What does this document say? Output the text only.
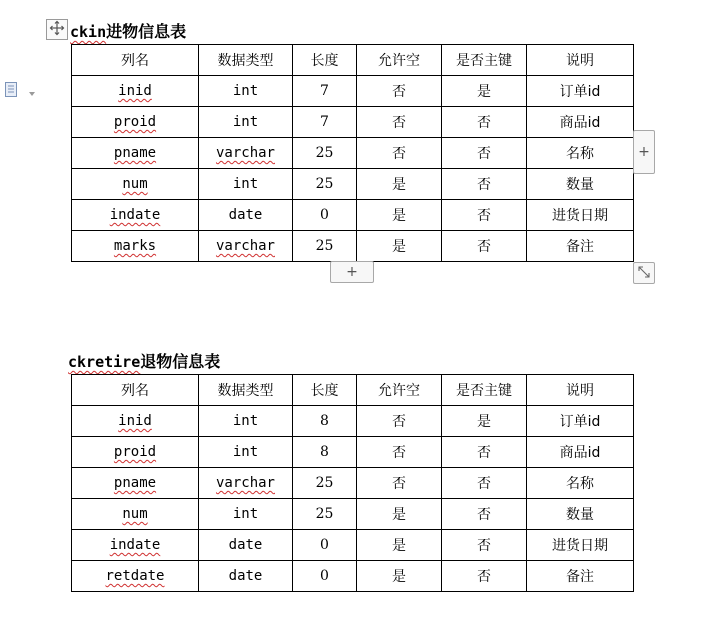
ckin进物信息表
列名	数据类型	长度	允许空	是否主键	说明
inid	int	7	否	是	订单id
proid	int	7	否	否	商品id
pname	varchar	25	否	否	名称
num	int	25	是	否	数量
indate	date	0	是	否	进货日期
marks	varchar	25	是	否	备注
+
+
ckretire退物信息表
列名	数据类型	长度	允许空	是否主键	说明
inid	int	8	否	是	订单id
proid	int	8	否	否	商品id
pname	varchar	25	否	否	名称
num	int	25	是	否	数量
indate	date	0	是	否	进货日期
retdate	date	0	是	否	备注
